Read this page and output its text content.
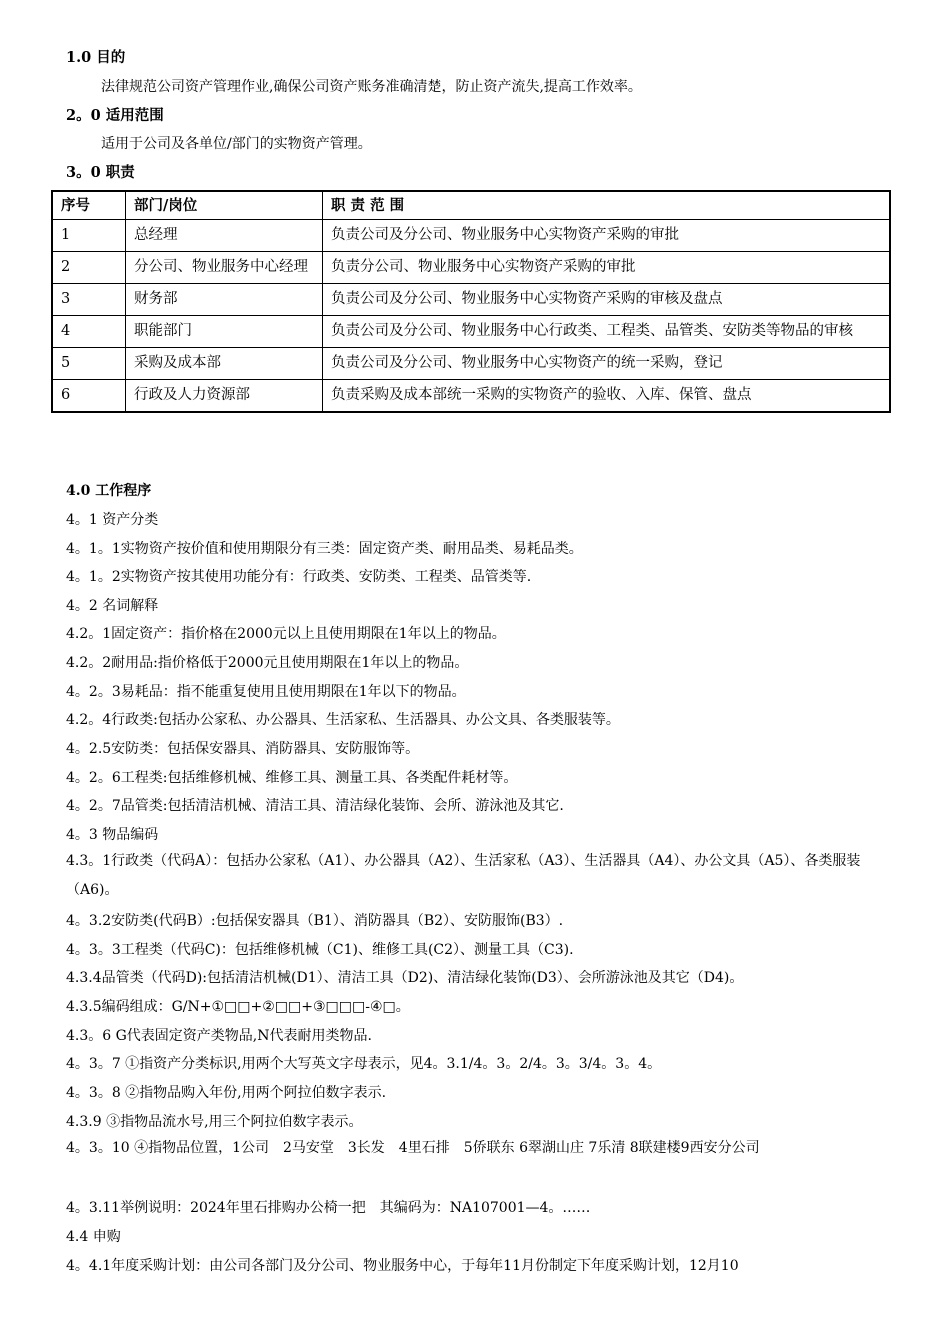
1.0 目的
法律规范公司资产管理作业,确保公司资产账务准确清楚，防止资产流失,提高工作效率。
2。0 适用范围
适用于公司及各单位/部门的实物资产管理。
3。0 职责
序号	部门/岗位	职 责 范 围
1	总经理	负责公司及分公司、物业服务中心实物资产采购的审批
2	分公司、物业服务中心经理	负责分公司、物业服务中心实物资产采购的审批
3	财务部	负责公司及分公司、物业服务中心实物资产采购的审核及盘点
4	职能部门	负责公司及分公司、物业服务中心行政类、工程类、品管类、安防类等物品的审核
5	采购及成本部	负责公司及分公司、物业服务中心实物资产的统一采购，登记
6	行政及人力资源部	负责采购及成本部统一采购的实物资产的验收、入库、保管、盘点
4.0 工作程序
4。1 资产分类
4。1。1实物资产按价值和使用期限分有三类：固定资产类、耐用品类、易耗品类。
4。1。2实物资产按其使用功能分有：行政类、安防类、工程类、品管类等.
4。2 名词解释
4.2。1固定资产：指价格在2000元以上且使用期限在1年以上的物品。
4.2。2耐用品:指价格低于2000元且使用期限在1年以上的物品。
4。2。3易耗品：指不能重复使用且使用期限在1年以下的物品。
4.2。4行政类:包括办公家私、办公器具、生活家私、生活器具、办公文具、各类服装等。
4。2.5安防类：包括保安器具、消防器具、安防服饰等。
4。2。6工程类:包括维修机械、维修工具、测量工具、各类配件耗材等。
4。2。7品管类:包括清洁机械、清洁工具、清洁绿化装饰、会所、游泳池及其它.
4。3 物品编码
4.3。1行政类（代码A）：包括办公家私（A1）、办公器具（A2）、生活家私（A3）、生活器具（A4）、办公文具（A5）、各类服装（A6)。
4。3.2安防类(代码B）:包括保安器具（B1）、消防器具（B2）、安防服饰(B3）.
4。3。3工程类（代码C)：包括维修机械（C1)、维修工具(C2）、测量工具（C3).
4.3.4品管类（代码D):包括清洁机械(D1）、清洁工具（D2)、清洁绿化装饰(D3）、会所游泳池及其它（D4)。
4.3.5编码组成：G/N+①□□+②□□+③□□□-④□。
4.3。6 G代表固定资产类物品,N代表耐用类物品.
4。3。7 ①指资产分类标识,用两个大写英文字母表示，见4。3.1/4。3。2/4。3。3/4。3。4。
4。3。8 ②指物品购入年份,用两个阿拉伯数字表示.
4.3.9 ③指物品流水号,用三个阿拉伯数字表示。
4。3。10 ④指物品位置，1公司　2马安堂　3长发　4里石排　5侨联东 6翠湖山庄 7乐清 8联建楼9西安分公司
4。3.11举例说明：2024年里石排购办公椅一把　其编码为：NA107001—4。……
4.4 申购
4。4.1年度采购计划：由公司各部门及分公司、物业服务中心，于每年11月份制定下年度采购计划，12月10
